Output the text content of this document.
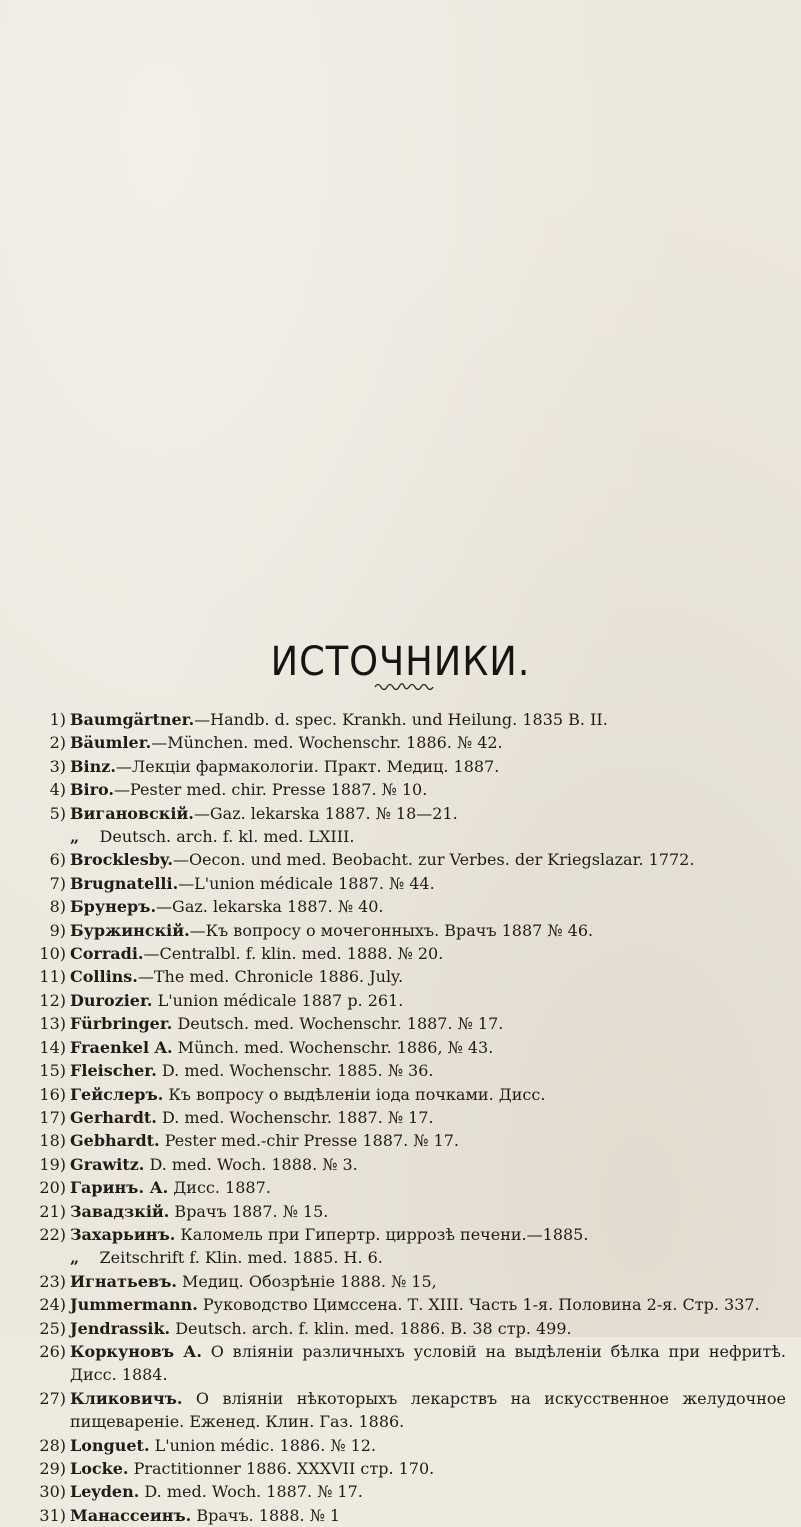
ИСТОЧНИКИ.
1) Baumgärtner.—Handb. d. spec. Krankh. und Heilung. 1835 B. II.
2) Bäumler.—München. med. Wochenschr. 1886. № 42.
3) Binz.—Лекціи фармакологіи. Практ. Медиц. 1887.
4) Biro.—Pester med. chir. Presse 1887. № 10.
5) Вигановскій.—Gaz. lekarska 1887. № 18—21.
„    Deutsch. arch. f. kl. med. LXIII.
6) Brocklesby.—Oecon. und med. Beobacht. zur Verbes. der Kriegslazar. 1772.
7) Brugnatelli.—L'union médicale 1887. № 44.
8) Брунеръ.—Gaz. lekarska 1887. № 40.
9) Буржинскій.—Къ вопросу о мочегонныхъ. Врачъ 1887 № 46.
10) Corradi.—Centralbl. f. klin. med. 1888. № 20.
11) Collins.—The med. Chronicle 1886. July.
12) Durozier. L'union médicale 1887 p. 261.
13) Fürbringer. Deutsch. med. Wochenschr. 1887. № 17.
14) Fraenkel A. Münch. med. Wochenschr. 1886, № 43.
15) Fleischer. D. med. Wochenschr. 1885. № 36.
16) Гейслеръ. Къ вопросу о выдѣленіи іода почками. Дисс.
17) Gerhardt. D. med. Wochenschr. 1887. № 17.
18) Gebhardt. Pester med.-chir Presse 1887. № 17.
19) Grawitz. D. med. Woch. 1888. № 3.
20) Гаринъ. А. Дисс. 1887.
21) Завадзкій. Врачъ 1887. № 15.
22) Захарьинъ. Каломель при Гипертр. циррозѣ печени.—1885.
„    Zeitschrift f. Klin. med. 1885. H. 6.
23) Игнатьевъ. Медиц. Обозрѣніе 1888. № 15,
24) Jummermann. Руководство Цимссена. Т. XIII. Часть 1-я. Половина 2-я. Стр. 337.
25) Jendrassik. Deutsch. arch. f. klin. med. 1886. B. 38 стр. 499.
26) Коркуновъ А. О вліяніи различныхъ условій на выдѣленіи бѣлка при нефритѣ. Дисс. 1884.
27) Кликовичъ. О вліяніи нѣкоторыхъ лекарствъ на искусственное желудочное пищевареніе. Еженед. Клин. Газ. 1886.
28) Longuet. L'union médic. 1886. № 12.
29) Locke. Practitionner 1886. XXXVII стр. 170.
30) Leyden. D. med. Woch. 1887. № 17.
31) Манассеинъ. Врачъ. 1888. № 1
